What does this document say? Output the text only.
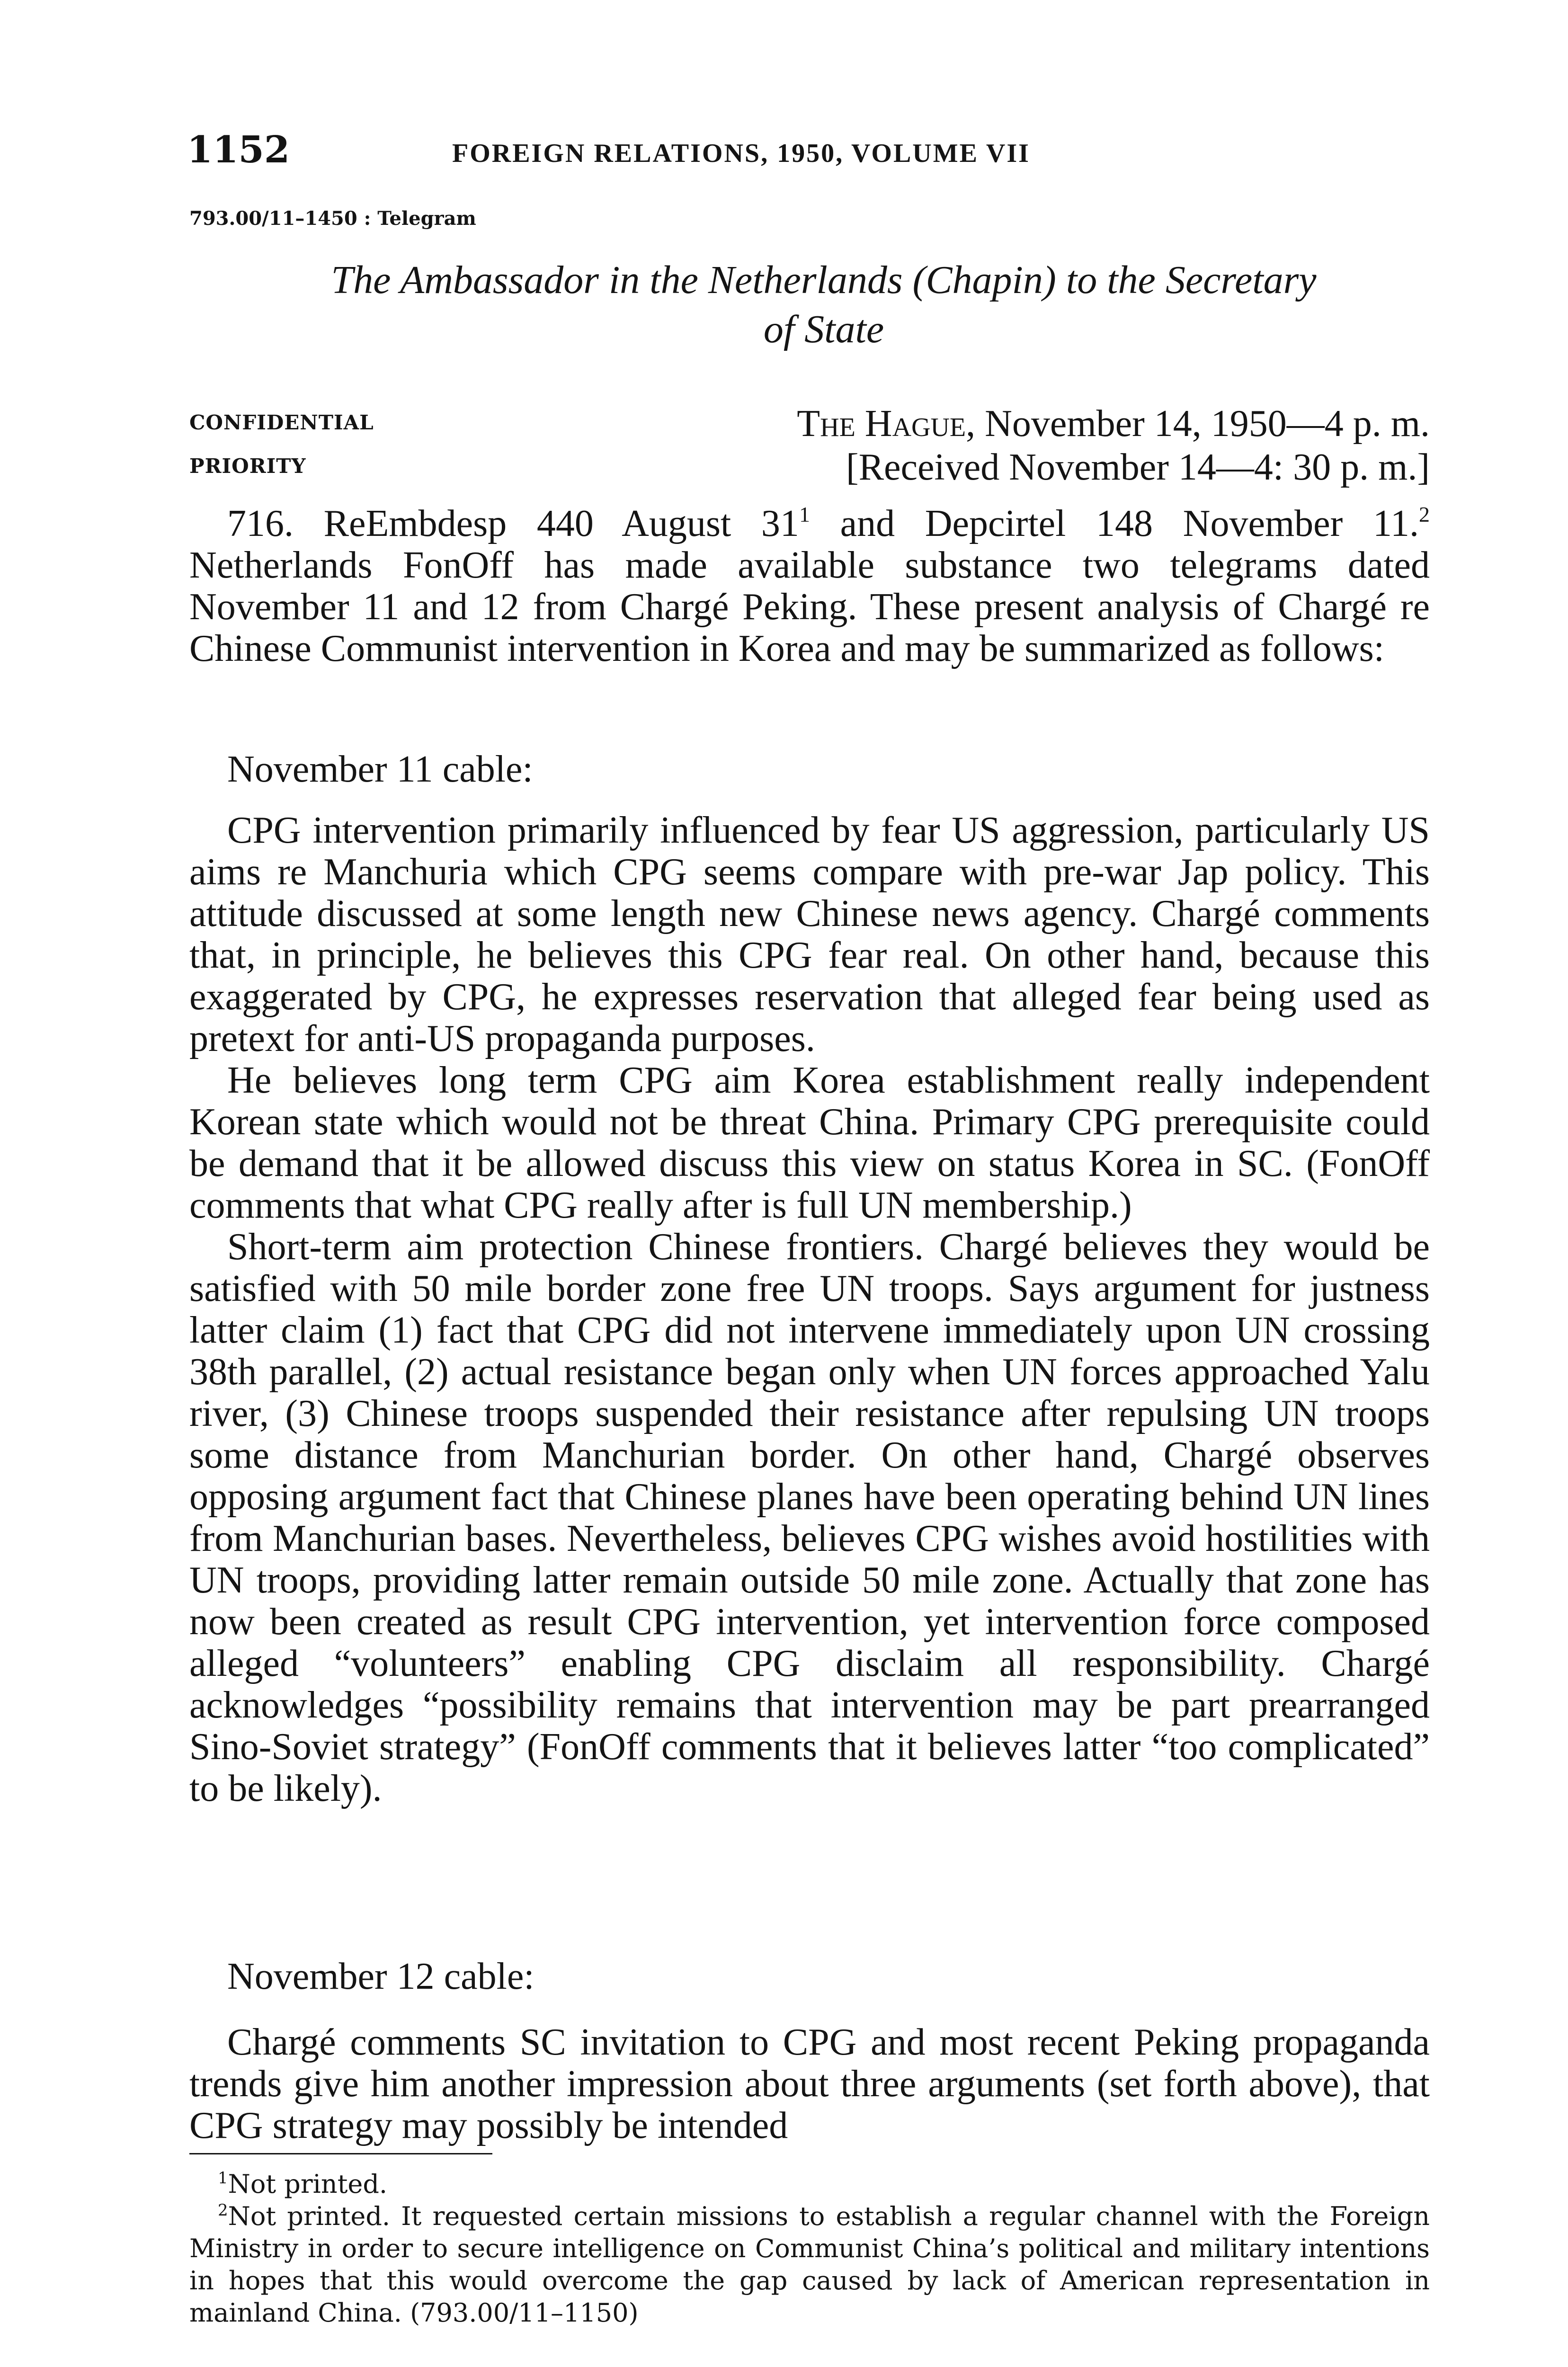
1152	FOREIGN RELATIONS, 1950, VOLUME VII
793.00/11–1450 : Telegram
The Ambassador in the Netherlands (Chapin) to the Secretary
of State
CONFIDENTIAL
PRIORITY
The Hague, November 14, 1950—4 p. m.
[Received November 14—4: 30 p. m.]
716. ReEmbdesp 440 August $31^1$ and Depcirtel 148 November 11.$^2$ Netherlands FonOff has made available substance two telegrams dated November 11 and 12 from Chargé Peking. These present analysis of Chargé re Chinese Communist intervention in Korea and may be summarized as follows:
November 11 cable:

CPG intervention primarily influenced by fear US aggression, particularly US aims re Manchuria which CPG seems compare with pre-war Jap policy. This attitude discussed at some length new Chinese news agency. Chargé comments that, in principle, he believes this CPG fear real. On other hand, because this exaggerated by CPG, he expresses reservation that alleged fear being used as pretext for anti-US propaganda purposes.

He believes long term CPG aim Korea establishment really independent Korean state which would not be threat China. Primary CPG prerequisite could be demand that it be allowed discuss this view on status Korea in SC. (FonOff comments that what CPG really after is full UN membership.)

Short-term aim protection Chinese frontiers. Chargé believes they would be satisfied with 50 mile border zone free UN troops. Says argument for justness latter claim (1) fact that CPG did not intervene immediately upon UN crossing 38th parallel, (2) actual resistance began only when UN forces approached Yalu river, (3) Chinese troops suspended their resistance after repulsing UN troops some distance from Manchurian border. On other hand, Chargé observes opposing argument fact that Chinese planes have been operating behind UN lines from Manchurian bases. Nevertheless, believes CPG wishes avoid hostilities with UN troops, providing latter remain outside 50 mile zone. Actually that zone has now been created as result CPG intervention, yet intervention force composed alleged “volunteers” enabling CPG disclaim all responsibility. Chargé acknowledges “possibility remains that intervention may be part prearranged Sino-Soviet strategy” (FonOff comments that it believes latter “too complicated” to be likely).

November 12 cable:
Chargé comments SC invitation to CPG and most recent Peking propaganda trends give him another impression about three arguments (set forth above), that CPG strategy may possibly be intended

$^1$Not printed.

$^2$Not printed. It requested certain missions to establish a regular channel with the Foreign Ministry in order to secure intelligence on Communist China’s political and military intentions in hopes that this would overcome the gap caused by lack of American representation in mainland China. (793.00/11–1150)
